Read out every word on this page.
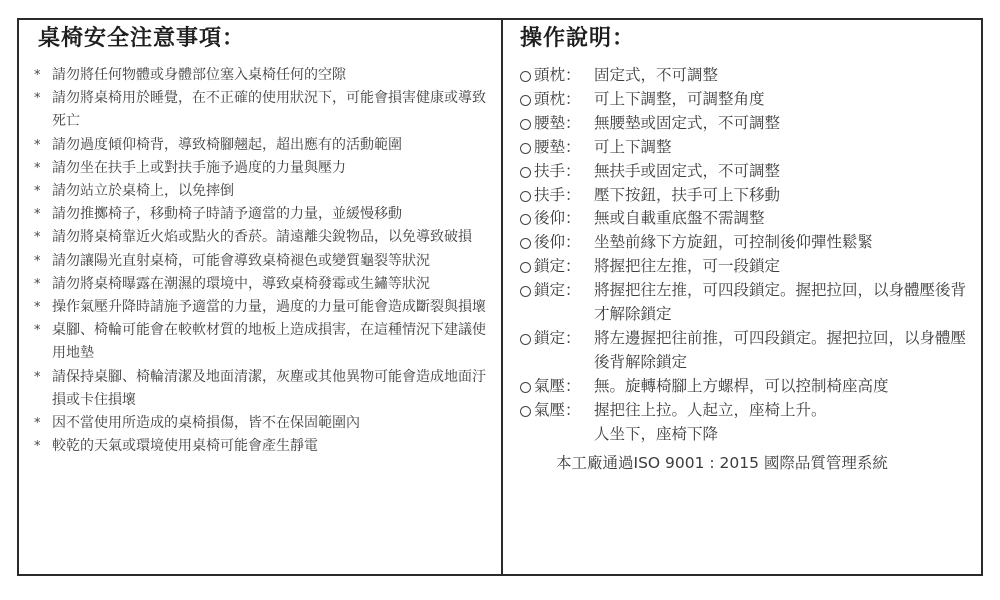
桌椅安全注意事項：
* 請勿將任何物體或身體部位塞入桌椅任何的空隙
* 請勿將桌椅用於睡覺，在不正確的使用狀況下，可能會損害健康或導致死亡
* 請勿過度傾仰椅背，導致椅腳翹起，超出應有的活動範圍
* 請勿坐在扶手上或對扶手施予過度的力量與壓力
* 請勿站立於桌椅上，以免摔倒
* 請勿推擲椅子，移動椅子時請予適當的力量，並緩慢移動
* 請勿將桌椅靠近火焰或點火的香菸。請遠離尖銳物品，以免導致破損
* 請勿讓陽光直射桌椅，可能會導致桌椅褪色或變質龜裂等狀況
* 請勿將桌椅曝露在潮濕的環境中，導致桌椅發霉或生鏽等狀況
* 操作氣壓升降時請施予適當的力量，過度的力量可能會造成斷裂與損壞
* 桌腳、椅輪可能會在較軟材質的地板上造成損害，在這種情況下建議使用地墊
* 請保持桌腳、椅輪清潔及地面清潔，灰塵或其他異物可能會造成地面汙損或卡住損壞
* 因不當使用所造成的桌椅損傷，皆不在保固範圍內
* 較乾的天氣或環境使用桌椅可能會產生靜電
操作說明：
頭枕： 固定式，不可調整
頭枕： 可上下調整，可調整角度
腰墊： 無腰墊或固定式，不可調整
腰墊： 可上下調整
扶手： 無扶手或固定式，不可調整
扶手： 壓下按鈕，扶手可上下移動
後仰： 無或自載重底盤不需調整
後仰： 坐墊前緣下方旋鈕，可控制後仰彈性鬆緊
鎖定： 將握把往左推，可一段鎖定
鎖定： 將握把往左推，可四段鎖定。握把拉回，以身體壓後背才解除鎖定
鎖定： 將左邊握把往前推，可四段鎖定。握把拉回，以身體壓後背解除鎖定
氣壓： 無。旋轉椅腳上方螺桿，可以控制椅座高度
氣壓： 握把往上拉。人起立，座椅上升。
人坐下，座椅下降
本工廠通過ISO 9001 : 2015 國際品質管理系統
